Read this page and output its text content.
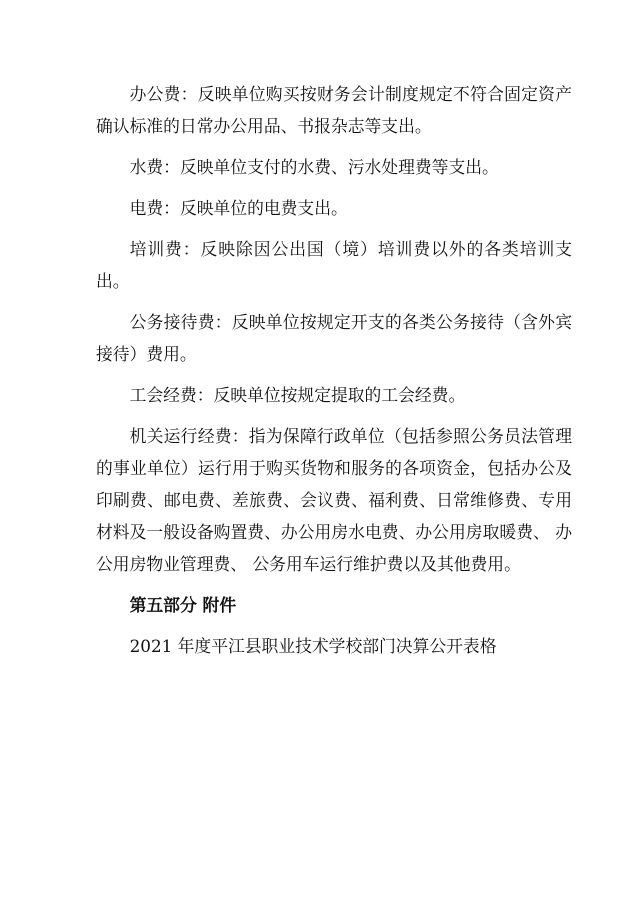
办公费：反映单位购买按财务会计制度规定不符合固定资产确认标准的日常办公用品、书报杂志等支出。

水费：反映单位支付的水费、污水处理费等支出。

电费：反映单位的电费支出。

培训费：反映除因公出国（境）培训费以外的各类培训支出。

公务接待费：反映单位按规定开支的各类公务接待（含外宾接待）费用。

工会经费：反映单位按规定提取的工会经费。

机关运行经费：指为保障行政单位（包括参照公务员法管理的事业单位）运行用于购买货物和服务的各项资金，包括办公及印刷费、邮电费、差旅费、会议费、福利费、日常维修费、专用材料及一般设备购置费、办公用房水电费、办公用房取暖费、 办公用房物业管理费、 公务用车运行维护费以及其他费用。

第五部分 附件

2021 年度平江县职业技术学校部门决算公开表格
